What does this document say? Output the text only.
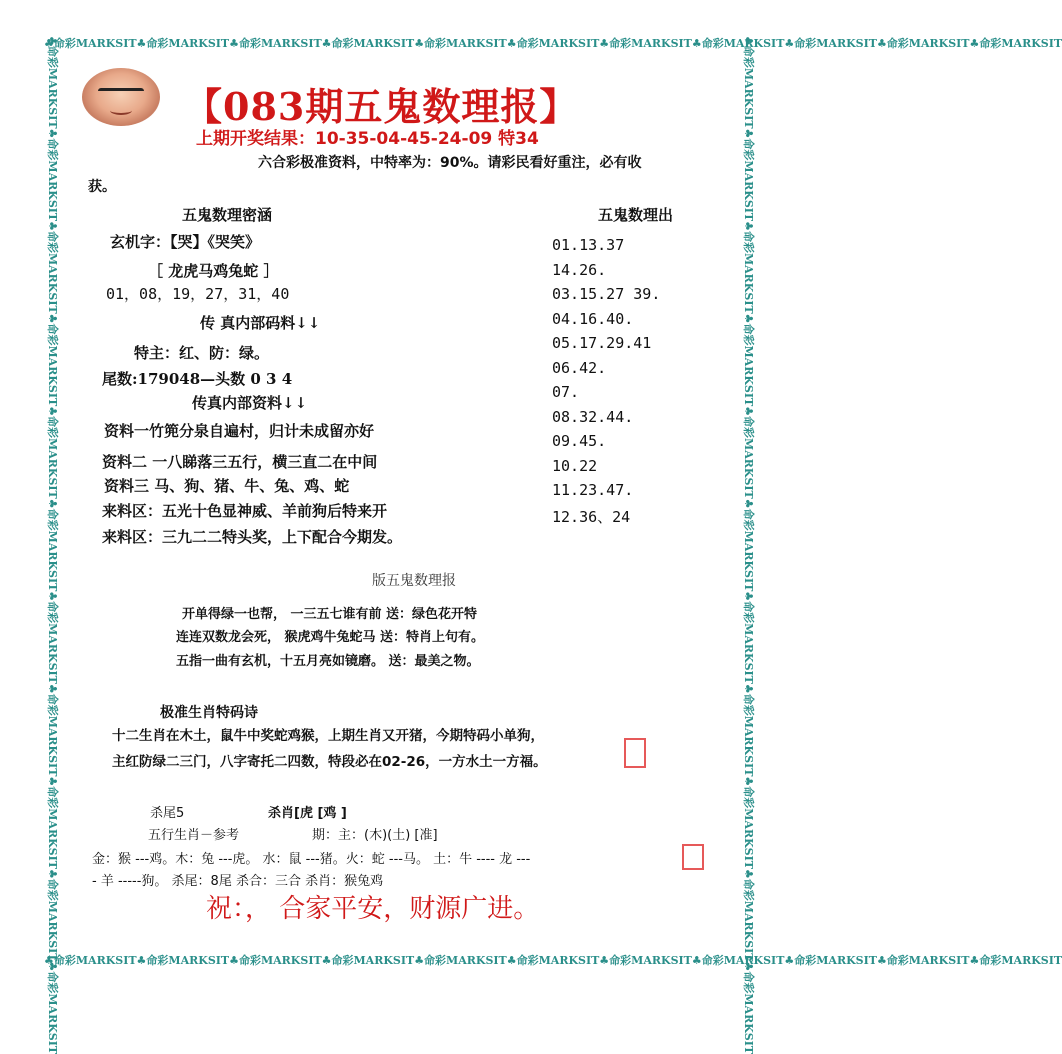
♣命彩MARKSIT♣命彩MARKSIT♣命彩MARKSIT♣命彩MARKSIT♣命彩MARKSIT♣命彩MARKSIT♣命彩MARKSIT♣命彩MARKSIT♣命彩MARKSIT♣命彩MARKSIT♣命彩MARKSIT
♣命彩MARKSIT♣命彩MARKSIT♣命彩MARKSIT♣命彩MARKSIT♣命彩MARKSIT♣命彩MARKSIT♣命彩MARKSIT♣命彩MARKSIT♣命彩MARKSIT♣命彩MARKSIT♣命彩MARKSIT
♣命彩MARKSIT♣命彩MARKSIT♣命彩MARKSIT♣命彩MARKSIT♣命彩MARKSIT♣命彩MARKSIT♣命彩MARKSIT♣命彩MARKSIT♣命彩MARKSIT♣命彩MARKSIT♣命彩MARKSIT	♣命彩MARKSIT♣命彩MARKSIT♣命彩MARKSIT♣命彩MARKSIT♣命彩MARKSIT♣命彩MARKSIT♣命彩MARKSIT♣命彩MARKSIT♣命彩MARKSIT♣命彩MARKSIT♣命彩MARKSIT
【083期五鬼数理报】
上期开奖结果：10-35-04-45-24-09 特34
六合彩极准资料，中特率为：90%。请彩民看好重注，必有收
获。
五鬼数理密涵
玄机字：【哭】《哭笑》
［ 龙虎马鸡兔蛇 ］
01，08，19，27，31，40
传 真内部码料↓↓
特主：红、防：绿。
尾数:179048—头数 0 3 4
传真内部资料↓↓
资料一竹篼分泉自遍村，归计未成留亦好
资料二 一八睇落三五行，横三直二在中间
资料三 马、狗、猪、牛、兔、鸡、蛇
来料区：五光十色显神威、羊前狗后特来开
来料区：三九二二特头奖，上下配合今期发。
五鬼数理出
01.13.37
14.26.
03.15.27 39.
04.16.40.
05.17.29.41
06.42.
07.
08.32.44.
09.45.
10.22
11.23.47.
12.36、24
版五鬼数理报
开单得绿一也帮， 一三五七谁有前 送：绿色花开特
连连双数龙会死， 猴虎鸡牛兔蛇马 送：特肖上句有。
五指一曲有玄机，十五月亮如镜磨。 送：最美之物。
极准生肖特码诗
十二生肖在木土，鼠牛中奖蛇鸡猴，上期生肖又开猪，今期特码小单狗，
主红防绿二三门，八字寄托二四数，特段必在02-26，一方水土一方福。
杀尾5	杀肖[虎 [鸡 ]
五行生肖－参考	期：主：(木)(土) [准]
金：猴 ---鸡。木：兔 ---虎。 水：鼠 ---猪。火：蛇 ---马。 土：牛 ---- 龙 ---
- 羊 -----狗。 杀尾：8尾 杀合：三合 杀肖：猴兔鸡
祝：， 合家平安，财源广进。
